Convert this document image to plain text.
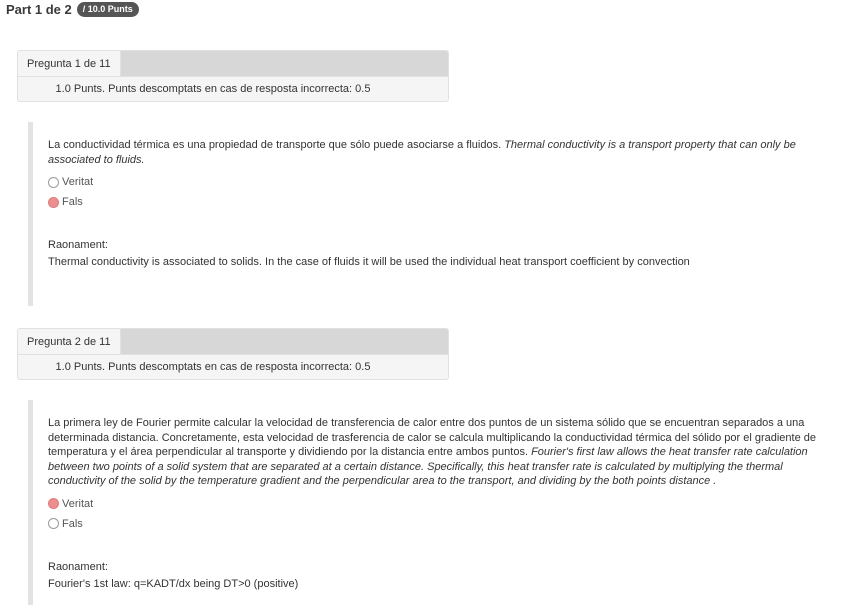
Part 1 de 2	/ 10.0 Punts
Pregunta 1 de 11
1.0 Punts. Punts descomptats en cas de resposta incorrecta: 0.5

La conductividad térmica es una propiedad de transporte que sólo puede asociarse a fluidos. Thermal conductivity is a transport property that can only be associated to fluids.

Veritat
Fals
Raonament:
Thermal conductivity is associated to solids. In the case of fluids it will be used the individual heat transport coefficient by convection
Pregunta 2 de 11
1.0 Punts. Punts descomptats en cas de resposta incorrecta: 0.5

La primera ley de Fourier permite calcular la velocidad de transferencia de calor entre dos puntos de un sistema sólido que se encuentran separados a una determinada distancia. Concretamente, esta velocidad de trasferencia de calor se calcula multiplicando la conductividad térmica del sólido por el gradiente de temperatura y el área perpendicular al transporte y dividiendo por la distancia entre ambos puntos. Fourier's first law allows the heat transfer rate calculation between two points of a solid system that are separated at a certain distance. Specifically, this heat transfer rate is calculated by multiplying the thermal conductivity of the solid by the temperature gradient and the perpendicular area to the transport, and dividing by the both points distance .

Veritat
Fals
Raonament:
Fourier's 1st law: q=KADT/dx being DT>0 (positive)
